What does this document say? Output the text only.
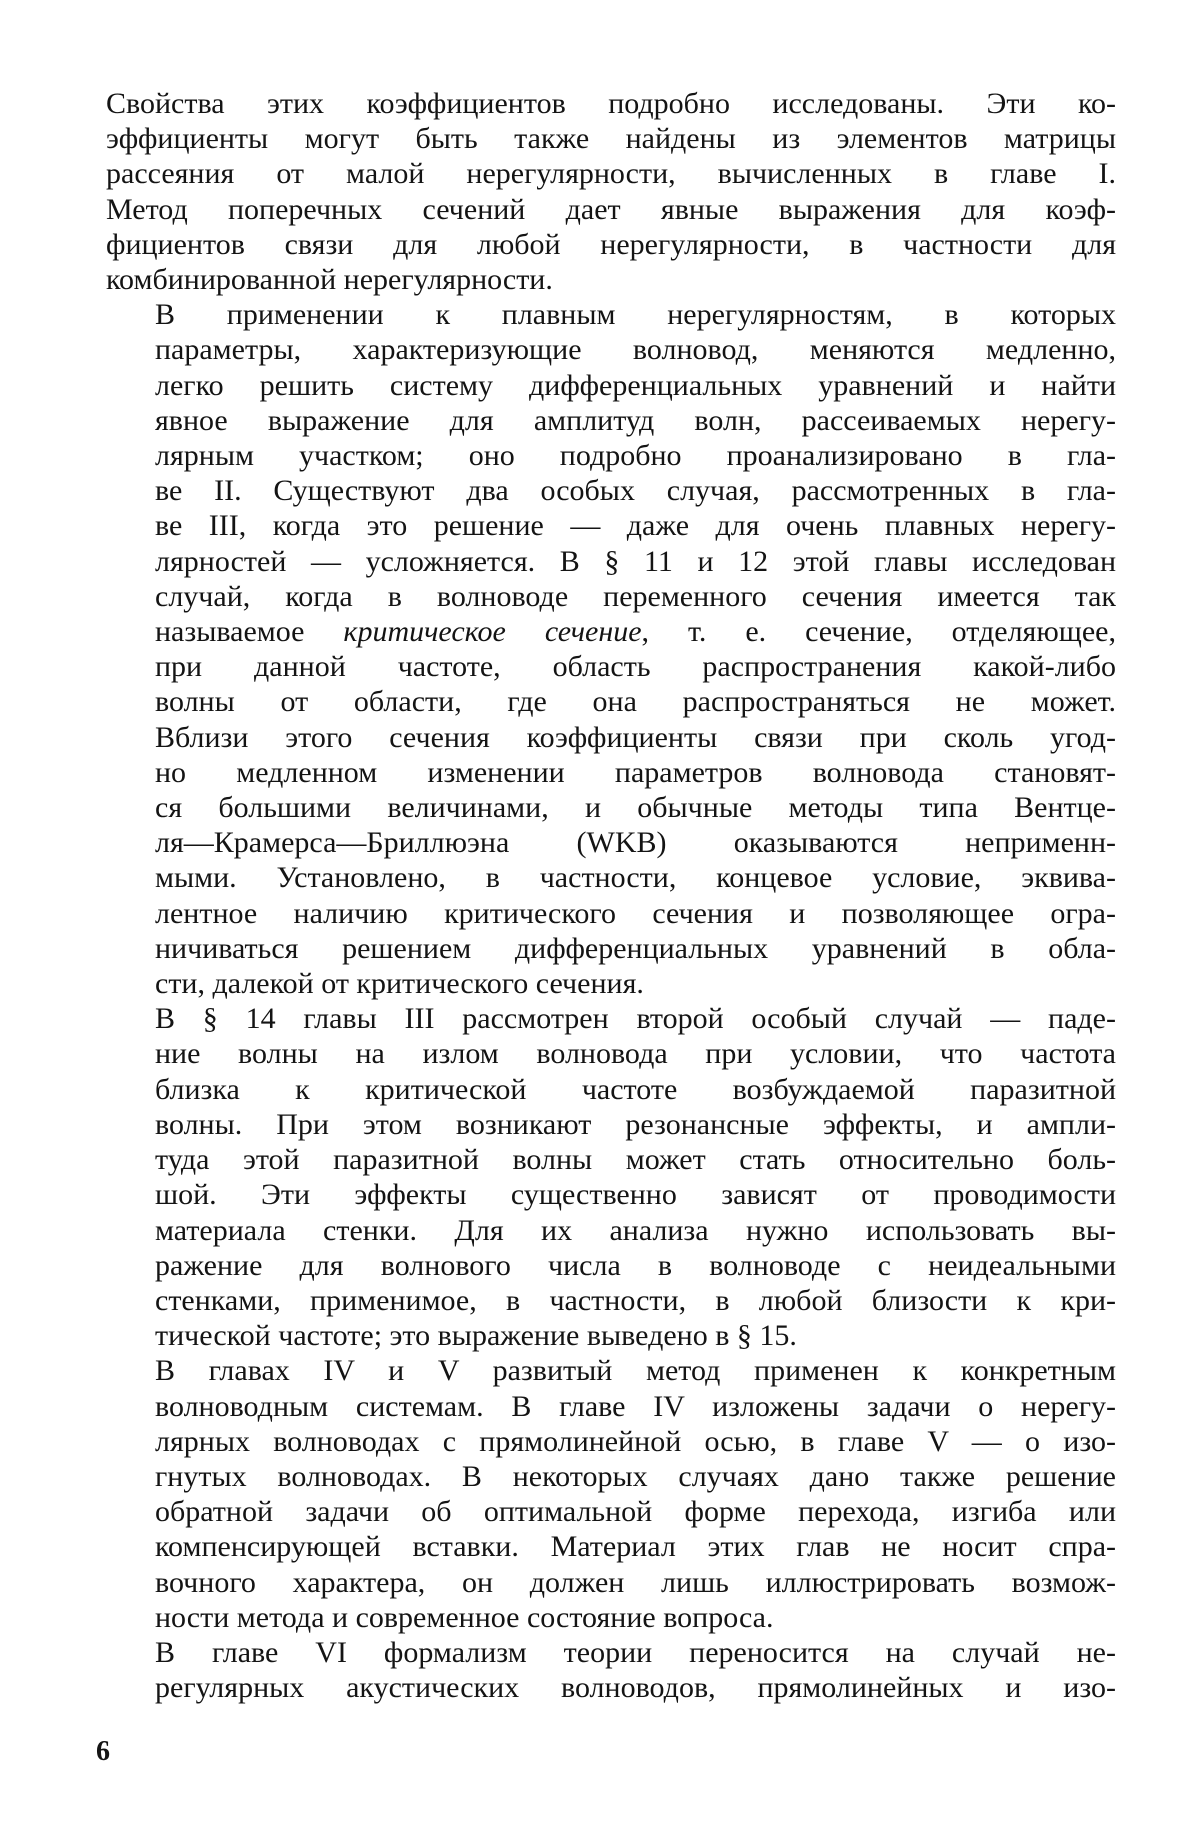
Свойства этих коэффициентов подробно исследованы. Эти ко-
эффициенты могут быть также найдены из элементов матрицы
рассеяния от малой нерегулярности, вычисленных в главе I.
Метод поперечных сечений дает явные выражения для коэф-
фициентов связи для любой нерегулярности, в частности для
комбинированной нерегулярности.
В применении к плавным нерегулярностям, в которых
параметры, характеризующие волновод, меняются медленно,
легко решить систему дифференциальных уравнений и найти
явное выражение для амплитуд волн, рассеиваемых нерегу-
лярным участком; оно подробно проанализировано в гла-
ве II. Существуют два особых случая, рассмотренных в гла-
ве III, когда это решение — даже для очень плавных нерегу-
лярностей — усложняется. В § 11 и 12 этой главы исследован
случай, когда в волноводе переменного сечения имеется так
называемое критическое сечение, т. е. сечение, отделяющее,
при данной частоте, область распространения какой-либо
волны от области, где она распространяться не может.
Вблизи этого сечения коэффициенты связи при сколь угод-
но медленном изменении параметров волновода становят-
ся большими величинами, и обычные методы типа Вентце-
ля—Крамерса—Бриллюэна (WKB) оказываются неприменн-
мыми. Установлено, в частности, концевое условие, эквива-
лентное наличию критического сечения и позволяющее огра-
ничиваться решением дифференциальных уравнений в обла-
сти, далекой от критического сечения.
В § 14 главы III рассмотрен второй особый случай — паде-
ние волны на излом волновода при условии, что частота
близка к критической частоте возбуждаемой паразитной
волны. При этом возникают резонансные эффекты, и ампли-
туда этой паразитной волны может стать относительно боль-
шой. Эти эффекты существенно зависят от проводимости
материала стенки. Для их анализа нужно использовать вы-
ражение для волнового числа в волноводе с неидеальными
стенками, применимое, в частности, в любой близости к кри-
тической частоте; это выражение выведено в § 15.
В главах IV и V развитый метод применен к конкретным
волноводным системам. В главе IV изложены задачи о нерегу-
лярных волноводах с прямолинейной осью, в главе V — о изо-
гнутых волноводах. В некоторых случаях дано также решение
обратной задачи об оптимальной форме перехода, изгиба или
компенсирующей вставки. Материал этих глав не носит спра-
вочного характера, он должен лишь иллюстрировать возмож-
ности метода и современное состояние вопроса.
В главе VI формализм теории переносится на случай не-
регулярных акустических волноводов, прямолинейных и изо-
6
